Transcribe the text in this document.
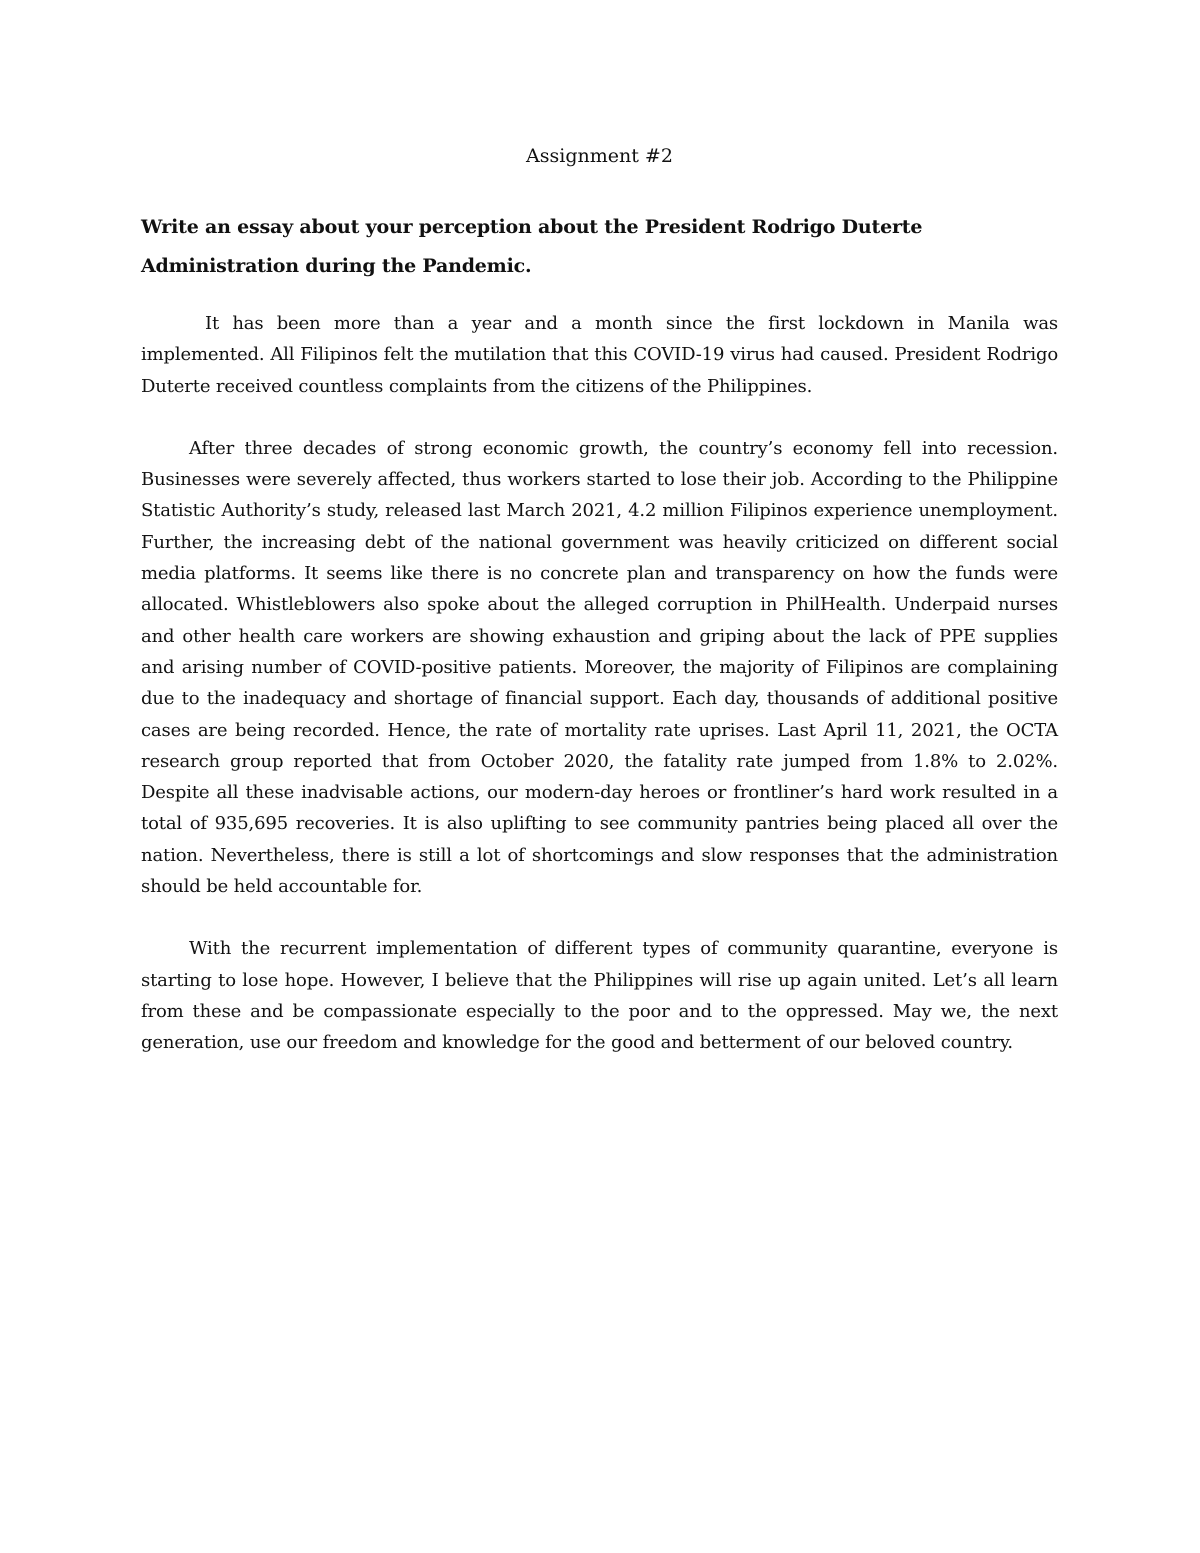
Assignment #2

Write an essay about your perception about the President Rodrigo Duterte Administration during the Pandemic.

It has been more than a year and a month since the first lockdown in Manila was implemented. All Filipinos felt the mutilation that this COVID-19 virus had caused. President Rodrigo Duterte received countless complaints from the citizens of the Philippines.

After three decades of strong economic growth, the country’s economy fell into recession. Businesses were severely affected, thus workers started to lose their job. According to the Philippine Statistic Authority’s study, released last March 2021, 4.2 million Filipinos experience unemployment. Further, the increasing debt of the national government was heavily criticized on different social media platforms. It seems like there is no concrete plan and transparency on how the funds were allocated. Whistleblowers also spoke about the alleged corruption in PhilHealth. Underpaid nurses and other health care workers are showing exhaustion and griping about the lack of PPE supplies and arising number of COVID-positive patients. Moreover, the majority of Filipinos are complaining due to the inadequacy and shortage of financial support. Each day, thousands of additional positive cases are being recorded. Hence, the rate of mortality rate uprises. Last April 11, 2021, the OCTA research group reported that from October 2020, the fatality rate jumped from 1.8% to 2.02%. Despite all these inadvisable actions, our modern-day heroes or frontliner’s hard work resulted in a total of 935,695 recoveries. It is also uplifting to see community pantries being placed all over the nation. Nevertheless, there is still a lot of shortcomings and slow responses that the administration should be held accountable for.

With the recurrent implementation of different types of community quarantine, everyone is starting to lose hope. However, I believe that the Philippines will rise up again united. Let’s all learn from these and be compassionate especially to the poor and to the oppressed. May we, the next generation, use our freedom and knowledge for the good and betterment of our beloved country.
